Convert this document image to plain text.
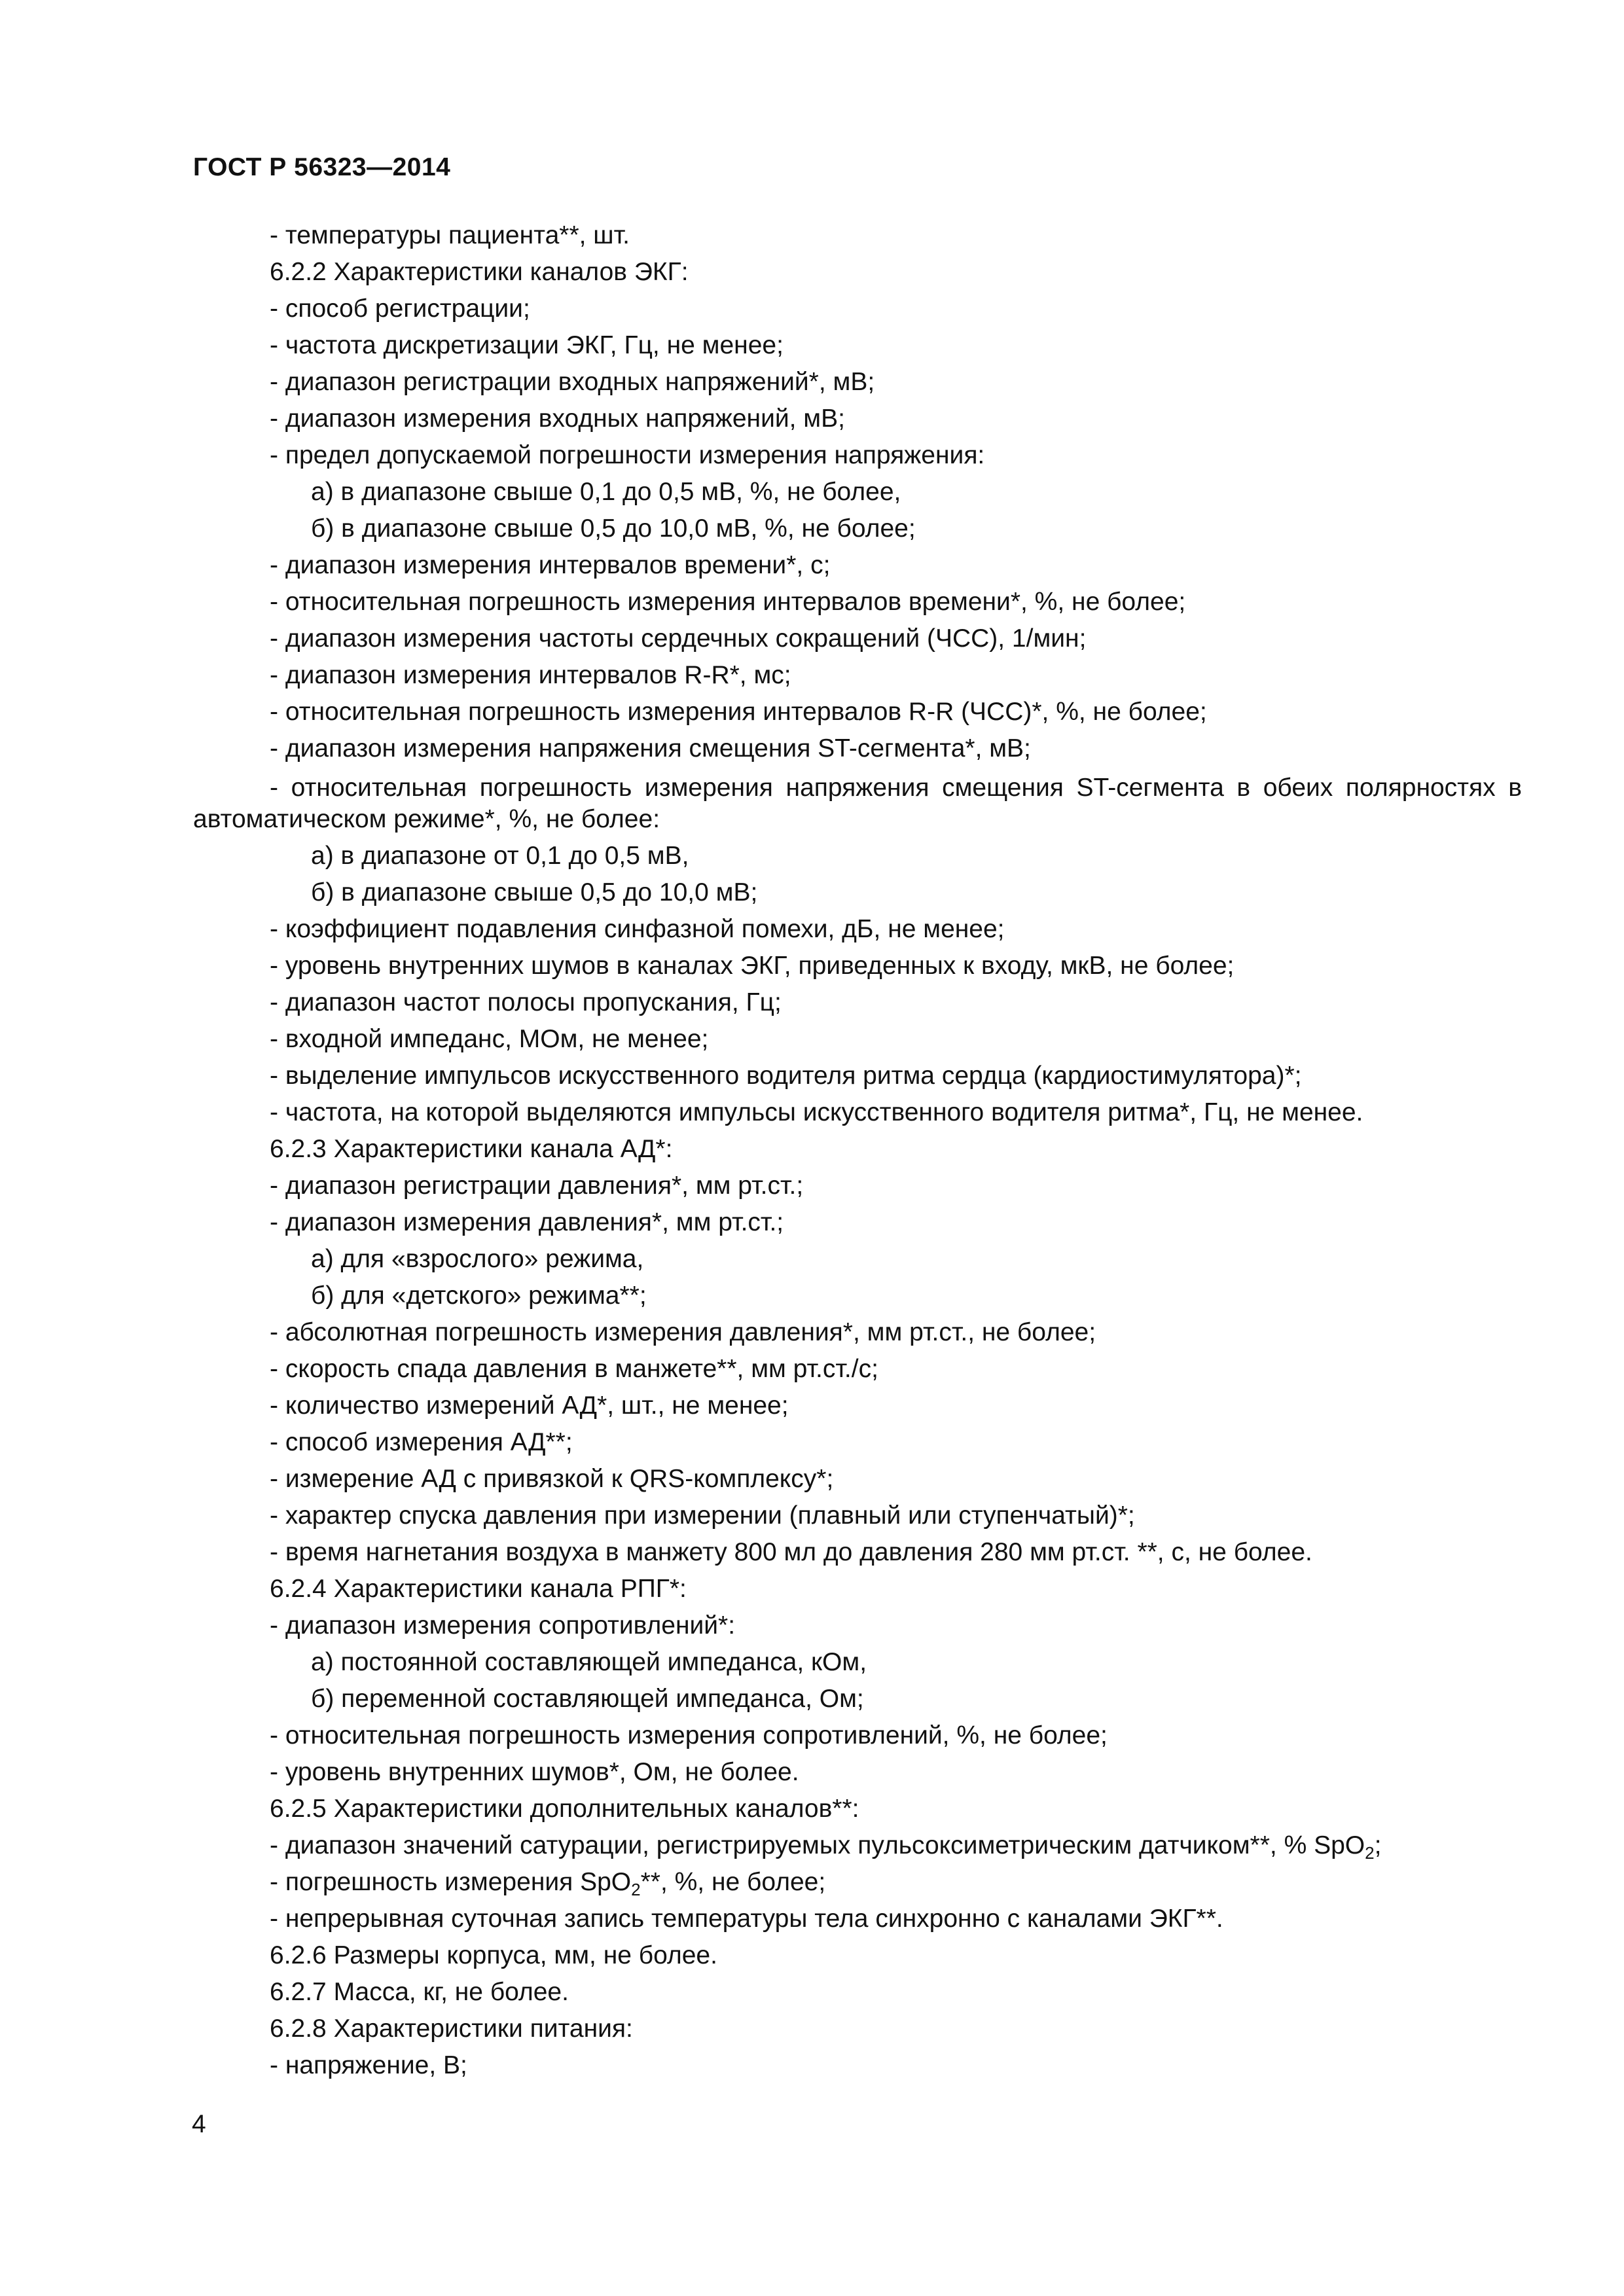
ГОСТ Р 56323—2014
- температуры пациента**, шт.
6.2.2 Характеристики каналов ЭКГ:
- способ регистрации;
- частота дискретизации ЭКГ, Гц, не менее;
- диапазон регистрации входных напряжений*, мВ;
- диапазон измерения входных напряжений, мВ;
- предел допускаемой погрешности измерения напряжения:
а) в диапазоне свыше 0,1 до 0,5 мВ, %, не более,
б) в диапазоне свыше 0,5 до 10,0 мВ, %, не более;
- диапазон измерения интервалов времени*, с;
- относительная погрешность измерения интервалов времени*, %, не более;
- диапазон измерения частоты сердечных сокращений (ЧСС), 1/мин;
- диапазон измерения интервалов R-R*, мс;
- относительная погрешность измерения интервалов R-R (ЧСС)*, %, не более;
- диапазон измерения напряжения смещения ST-сегмента*, мВ;
- относительная погрешность измерения напряжения смещения ST-сегмента в обеих полярностях в автоматическом режиме*, %, не более:
а) в диапазоне от 0,1 до 0,5 мВ,
б) в диапазоне свыше 0,5 до 10,0 мВ;
- коэффициент подавления синфазной помехи, дБ, не менее;
- уровень внутренних шумов в каналах ЭКГ, приведенных к входу, мкВ, не более;
- диапазон частот полосы пропускания, Гц;
- входной импеданс, МОм, не менее;
- выделение импульсов искусственного водителя ритма сердца (кардиостимулятора)*;
- частота, на которой выделяются импульсы искусственного водителя ритма*, Гц, не менее.
6.2.3 Характеристики канала АД*:
- диапазон регистрации давления*, мм рт.ст.;
- диапазон измерения давления*, мм рт.ст.;
а) для «взрослого» режима,
б) для «детского» режима**;
- абсолютная погрешность измерения давления*, мм рт.ст., не более;
- скорость спада давления в манжете**, мм рт.ст./с;
- количество измерений АД*, шт., не менее;
- способ измерения АД**;
- измерение АД с привязкой к QRS-комплексу*;
- характер спуска давления при измерении (плавный или ступенчатый)*;
- время нагнетания воздуха в манжету 800 мл до давления 280 мм рт.ст. **, с, не более.
6.2.4 Характеристики канала РПГ*:
- диапазон измерения сопротивлений*:
а) постоянной составляющей импеданса, кОм,
б) переменной составляющей импеданса, Ом;
- относительная погрешность измерения сопротивлений, %, не более;
- уровень внутренних шумов*, Ом, не более.
6.2.5 Характеристики дополнительных каналов**:
- диапазон значений сатурации, регистрируемых пульсоксиметрическим датчиком**, % SpO$_2$;
- погрешность измерения SpO$_2$**, %, не более;
- непрерывная суточная запись температуры тела синхронно с каналами ЭКГ**.
6.2.6 Размеры корпуса, мм, не более.
6.2.7 Масса, кг, не более.
6.2.8 Характеристики питания:
- напряжение, В;
4
